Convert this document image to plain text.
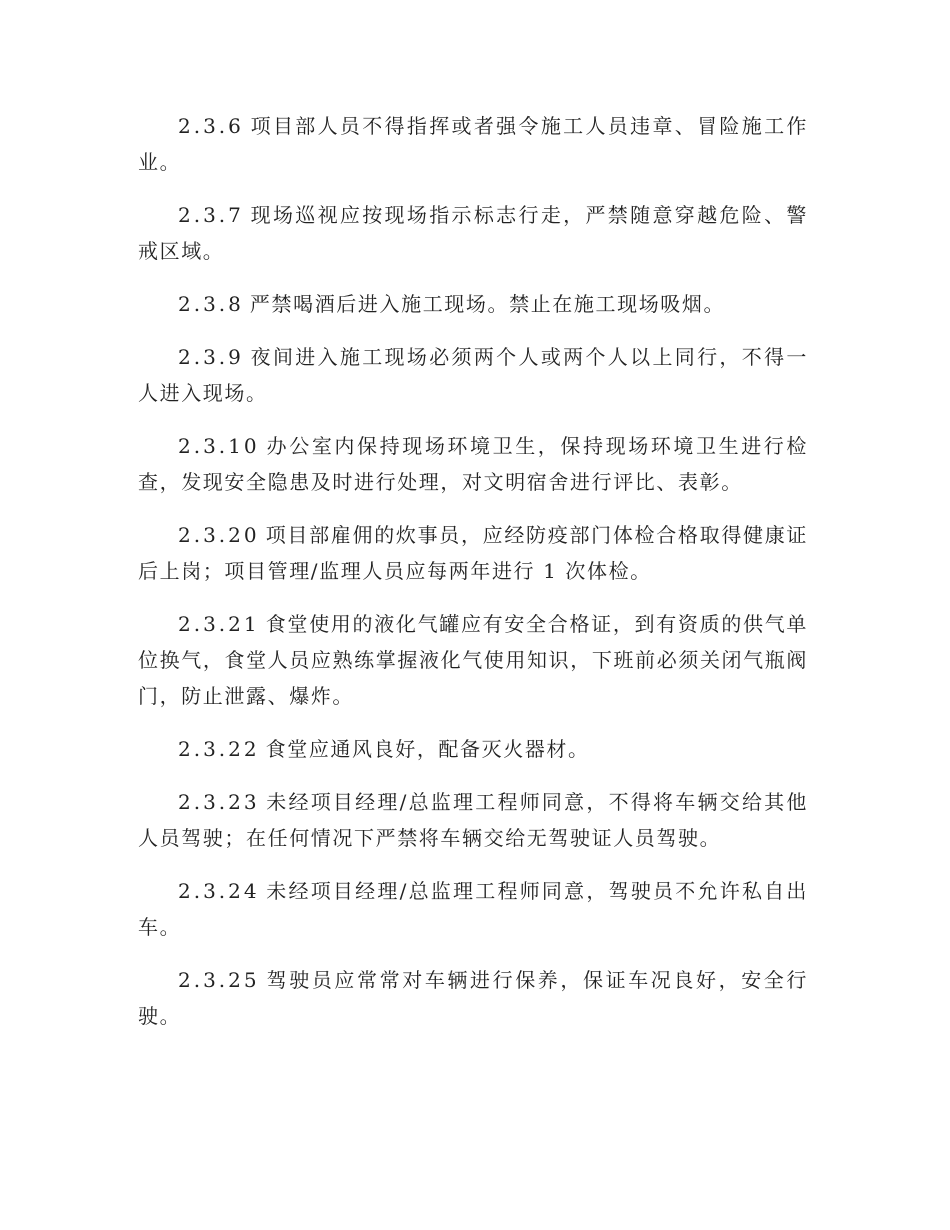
2.3.6 项目部人员不得指挥或者强令施工人员违章、冒险施工作业。

2.3.7 现场巡视应按现场指示标志行走，严禁随意穿越危险、警戒区域。

2.3.8 严禁喝酒后进入施工现场。禁止在施工现场吸烟。

2.3.9 夜间进入施工现场必须两个人或两个人以上同行，不得一人进入现场。

2.3.10 办公室内保持现场环境卫生，保持现场环境卫生进行检查，发现安全隐患及时进行处理，对文明宿舍进行评比、表彰。

2.3.20 项目部雇佣的炊事员，应经防疫部门体检合格取得健康证后上岗；项目管理/监理人员应每两年进行 1 次体检。

2.3.21 食堂使用的液化气罐应有安全合格证，到有资质的供气单位换气，食堂人员应熟练掌握液化气使用知识，下班前必须关闭气瓶阀门，防止泄露、爆炸。

2.3.22 食堂应通风良好，配备灭火器材。

2.3.23 未经项目经理/总监理工程师同意，不得将车辆交给其他人员驾驶；在任何情况下严禁将车辆交给无驾驶证人员驾驶。

2.3.24 未经项目经理/总监理工程师同意，驾驶员不允许私自出车。

2.3.25 驾驶员应常常对车辆进行保养，保证车况良好，安全行驶。
